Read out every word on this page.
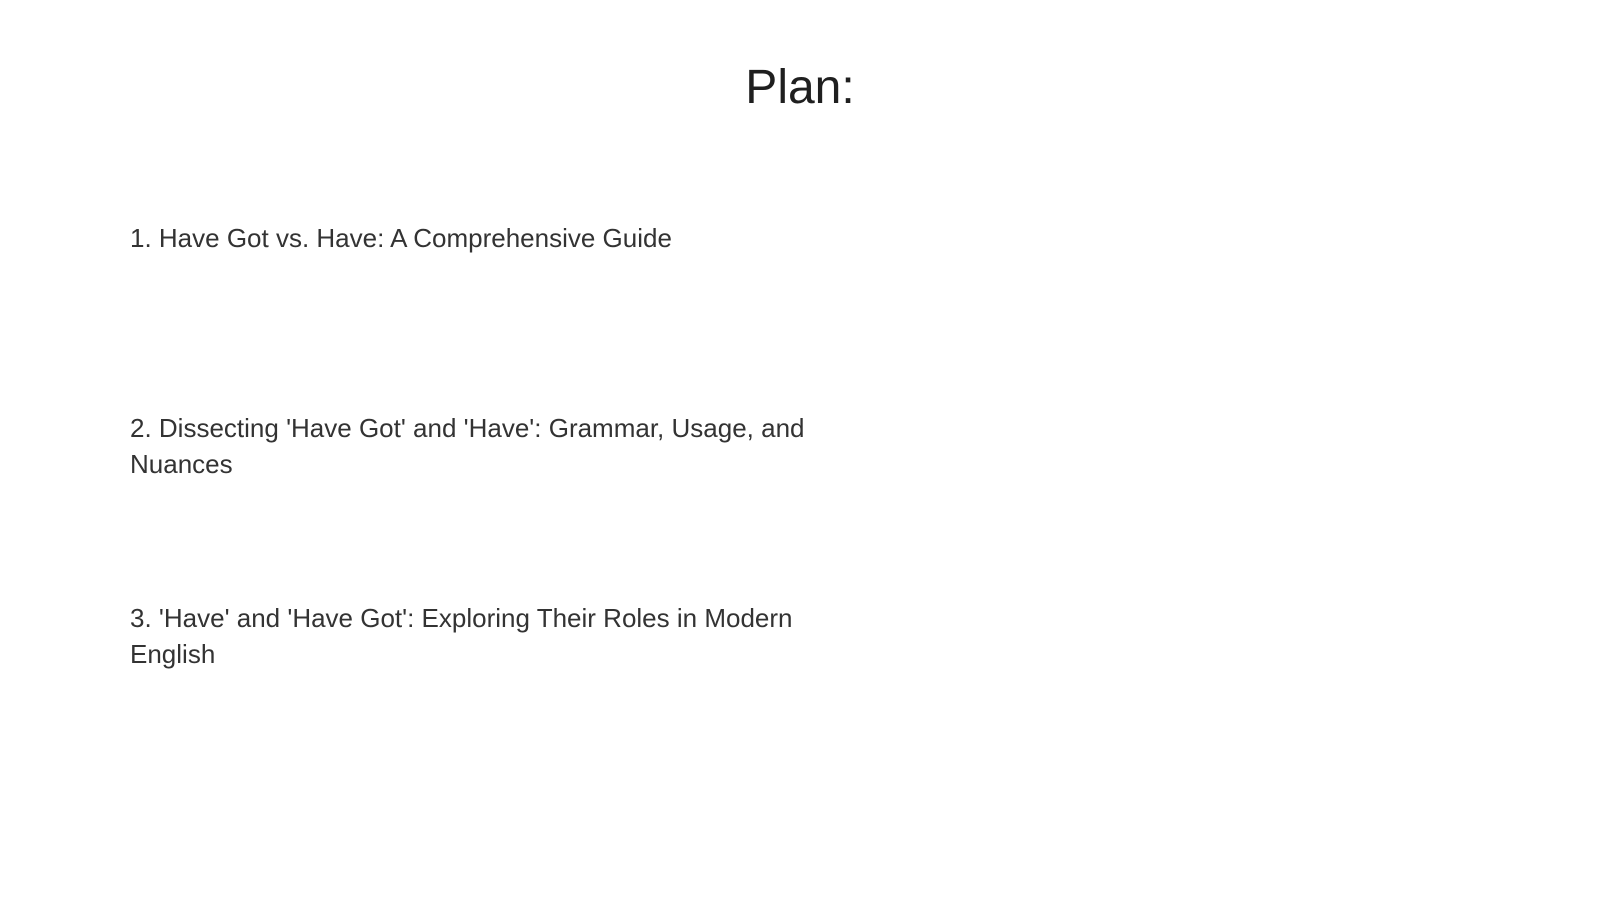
Plan:
1. Have Got vs. Have: A Comprehensive Guide
2. Dissecting 'Have Got' and 'Have': Grammar, Usage, and Nuances
3. 'Have' and 'Have Got': Exploring Their Roles in Modern English
